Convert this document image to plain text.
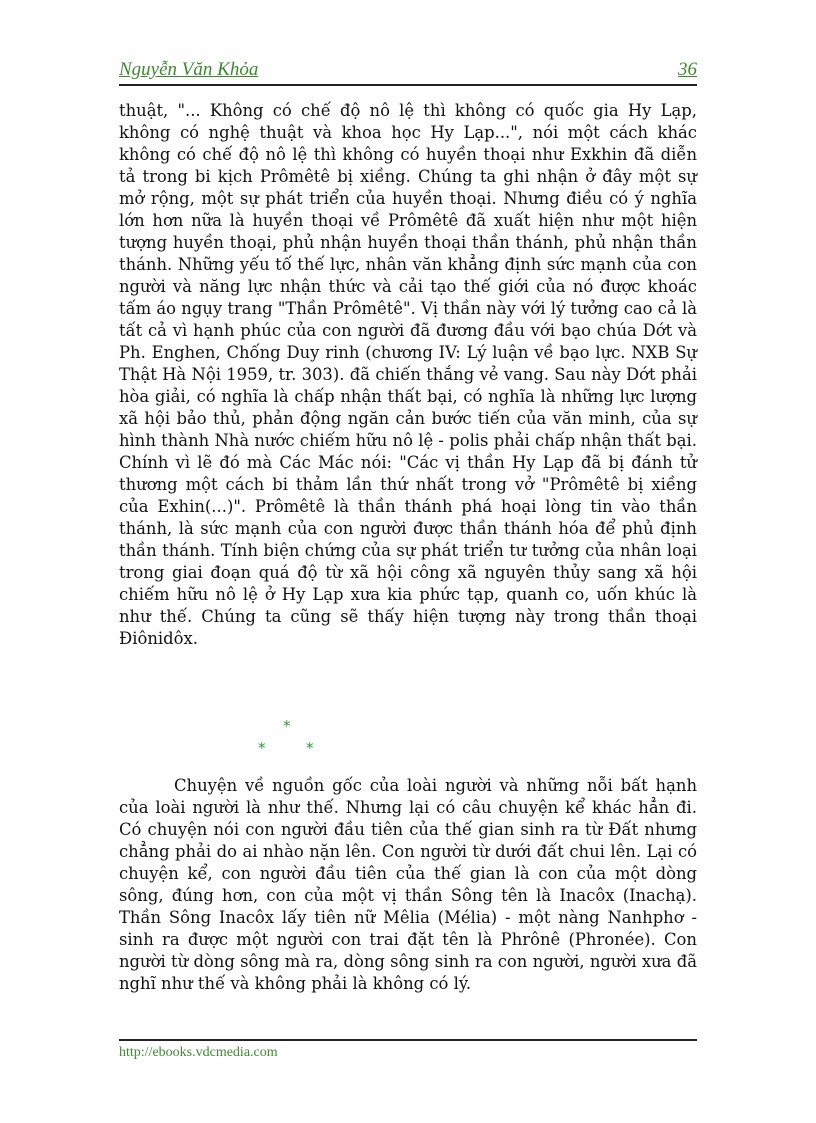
Nguyễn Văn Khỏa	36

thuật, "... Không có chế độ nô lệ thì không có quốc gia Hy Lạp, không có nghệ thuật và khoa học Hy Lạp...", nói một cách khác không có chế độ nô lệ thì không có huyền thoại như Exkhin đã diễn tả trong bi kịch Prômêtê bị xiềng. Chúng ta ghi nhận ở đây một sự mở rộng, một sự phát triển của huyền thoại. Nhưng điều có ý nghĩa lớn hơn nữa là huyền thoại về Prômêtê đã xuất hiện như một hiện tượng huyền thoại, phủ nhận huyền thoại thần thánh, phủ nhận thần thánh. Những yếu tố thế lực, nhân văn khẳng định sức mạnh của con người và năng lực nhận thức và cải tạo thế giới của nó được khoác tấm áo ngụy trang "Thần Prômêtê". Vị thần này với lý tưởng cao cả là tất cả vì hạnh phúc của con người đã đương đầu với bạo chúa Dớt và Ph. Enghen, Chống Duy rinh (chương IV: Lý luận về bạo lực. NXB Sự Thật Hà Nội 1959, tr. 303). đã chiến thắng vẻ vang. Sau này Dớt phải hòa giải, có nghĩa là chấp nhận thất bại, có nghĩa là những lực lượng xã hội bảo thủ, phản động ngăn cản bước tiến của văn minh, của sự hình thành Nhà nước chiếm hữu nô lệ - polis phải chấp nhận thất bại. Chính vì lẽ đó mà Các Mác nói: "Các vị thần Hy Lạp đã bị đánh tử thương một cách bi thảm lần thứ nhất trong vở "Prômêtê bị xiềng của Exhin(...)". Prômêtê là thần thánh phá hoại lòng tin vào thần thánh, là sức mạnh của con người được thần thánh hóa để phủ định thần thánh. Tính biện chứng của sự phát triển tư tưởng của nhân loại trong giai đoạn quá độ từ xã hội công xã nguyên thủy sang xã hội chiếm hữu nô lệ ở Hy Lạp xưa kia phức tạp, quanh co, uốn khúc là như thế. Chúng ta cũng sẽ thấy hiện tượng này trong thần thoại Điônidôx.

*
*	*

Chuyện về nguồn gốc của loài người và những nỗi bất hạnh của loài người là như thế. Nhưng lại có câu chuyện kể khác hẳn đi. Có chuyện nói con người đầu tiên của thế gian sinh ra từ Đất nhưng chẳng phải do ai nhào nặn lên. Con người từ dưới đất chui lên. Lại có chuyện kể, con người đầu tiên của thế gian là con của một dòng sông, đúng hơn, con của một vị thần Sông tên là Inacôx (Inachạ). Thần Sông Inacôx lấy tiên nữ Mêlia (Mélia) - một nàng Nanhphơ - sinh ra được một người con trai đặt tên là Phrônê (Phronée). Con người từ dòng sông mà ra, dòng sông sinh ra con người, người xưa đã nghĩ như thế và không phải là không có lý.

http://ebooks.vdcmedia.com
